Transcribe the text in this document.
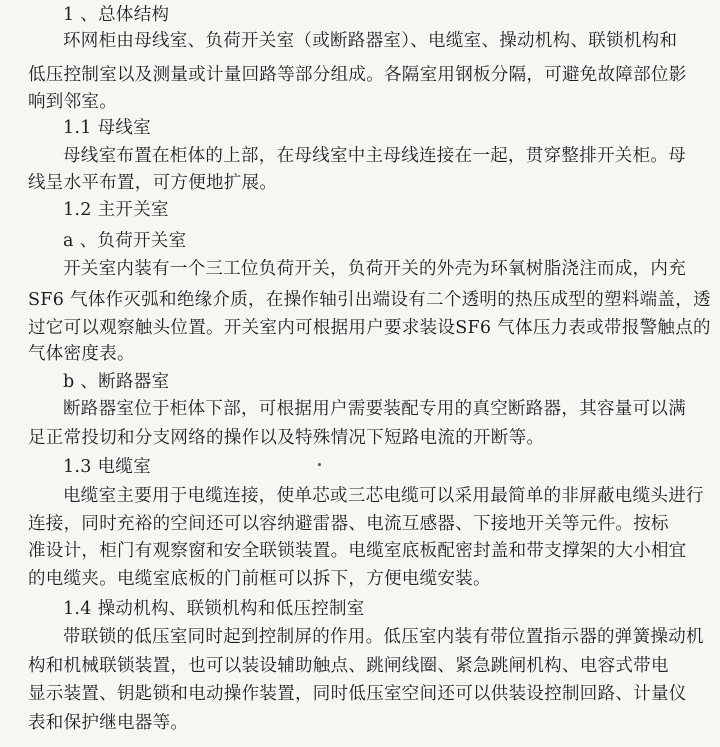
1 、总体结构
环网柜由母线室、负荷开关室（或断路器室）、电缆室、操动机构、联锁机构和
低压控制室以及测量或计量回路等部分组成。各隔室用钢板分隔，可避免故障部位影
响到邻室。
1.1 母线室
母线室布置在柜体的上部，在母线室中主母线连接在一起，贯穿整排开关柜。母
线呈水平布置，可方便地扩展。
1.2 主开关室
a 、负荷开关室
开关室内装有一个三工位负荷开关，负荷开关的外壳为环氧树脂浇注而成，内充
SF6 气体作灭弧和绝缘介质，在操作轴引出端设有二个透明的热压成型的塑料端盖，透
过它可以观察触头位置。开关室内可根据用户要求装设SF6 气体压力表或带报警触点的
气体密度表。
b 、断路器室
断路器室位于柜体下部，可根据用户需要装配专用的真空断路器，其容量可以满
足正常投切和分支网络的操作以及特殊情况下短路电流的开断等。
1.3 电缆室
电缆室主要用于电缆连接，使单芯或三芯电缆可以采用最简单的非屏蔽电缆头进行
连接，同时充裕的空间还可以容纳避雷器、电流互感器、下接地开关等元件。按标
准设计，柜门有观察窗和安全联锁装置。电缆室底板配密封盖和带支撑架的大小相宜
的电缆夹。电缆室底板的门前框可以拆下，方便电缆安装。
1.4 操动机构、联锁机构和低压控制室
带联锁的低压室同时起到控制屏的作用。低压室内装有带位置指示器的弹簧操动机
构和机械联锁装置，也可以装设辅助触点、跳闸线圈、紧急跳闸机构、电容式带电
显示装置、钥匙锁和电动操作装置，同时低压室空间还可以供装设控制回路、计量仪
表和保护继电器等。
